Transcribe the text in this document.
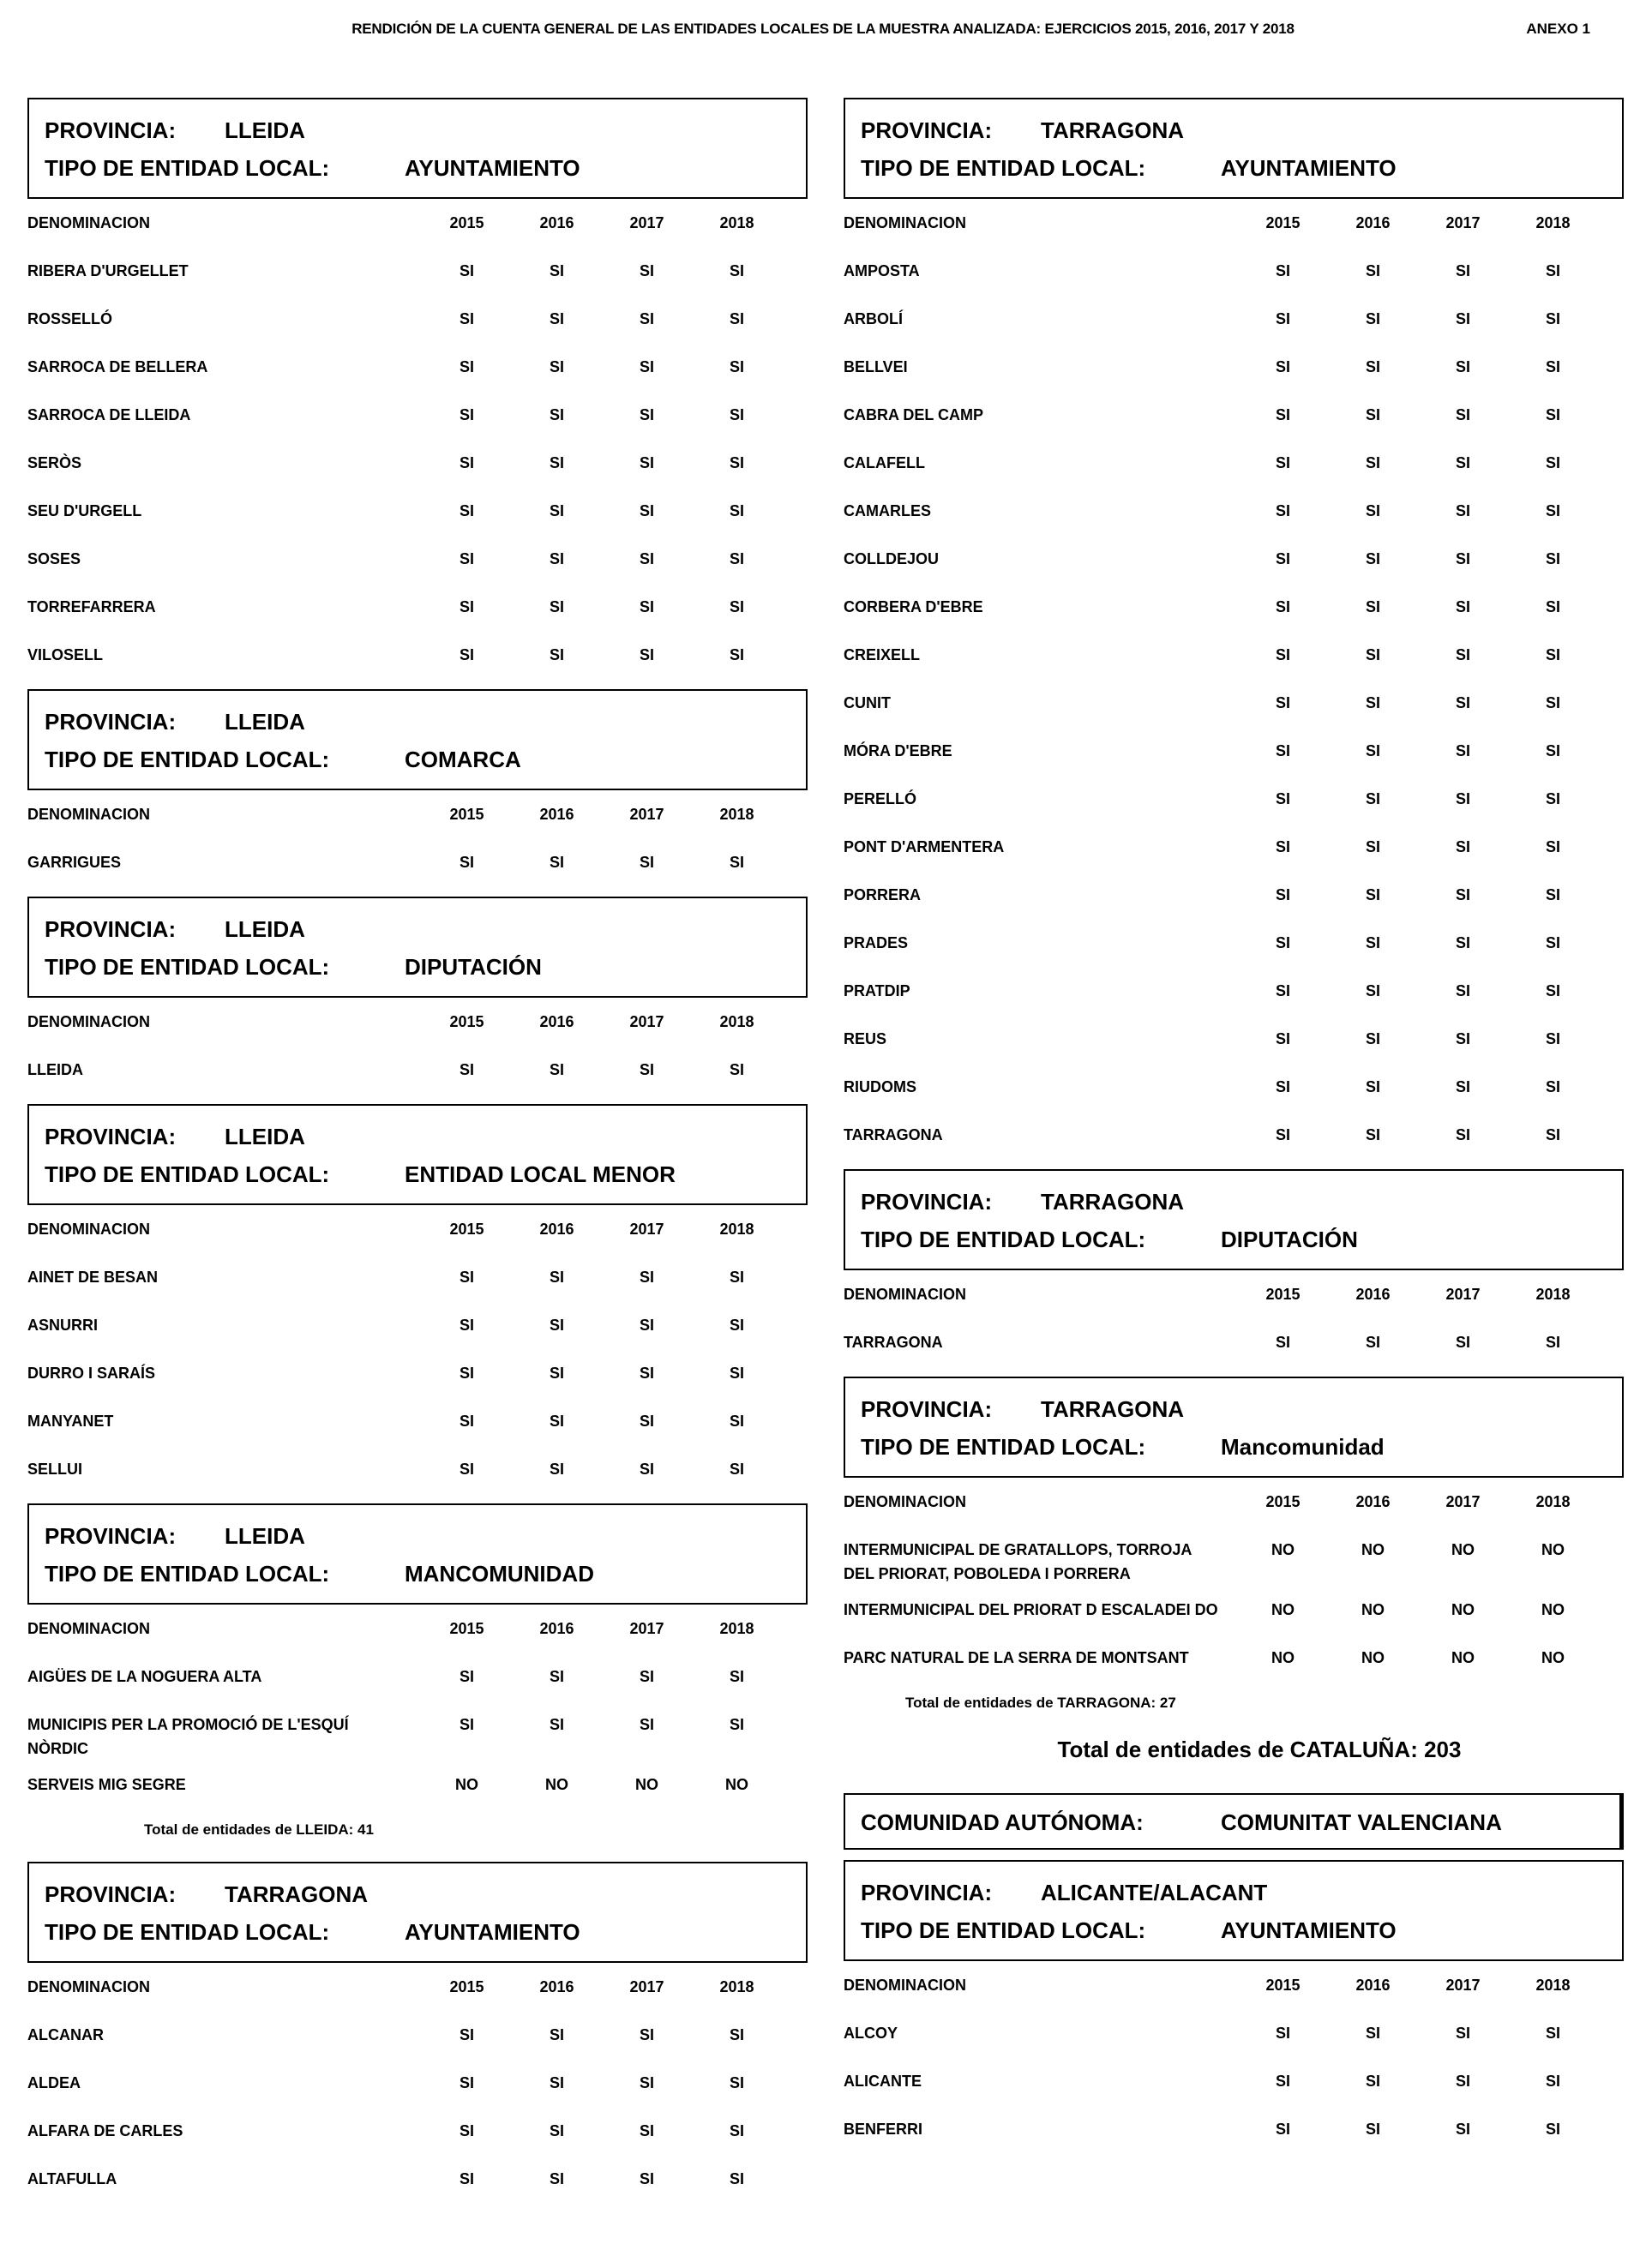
RENDICIÓN DE LA CUENTA GENERAL DE LAS ENTIDADES LOCALES DE LA MUESTRA ANALIZADA: EJERCICIOS 2015, 2016, 2017 Y 2018	ANEXO 1
PROVINCIA:	LLEIDA
TIPO DE ENTIDAD LOCAL:	AYUNTAMIENTO
DENOMINACION	2015	2016	2017	2018
RIBERA D'URGELLET	SI	SI	SI	SI
ROSSELLÓ	SI	SI	SI	SI
SARROCA DE BELLERA	SI	SI	SI	SI
SARROCA DE LLEIDA	SI	SI	SI	SI
SERÒS	SI	SI	SI	SI
SEU D'URGELL	SI	SI	SI	SI
SOSES	SI	SI	SI	SI
TORREFARRERA	SI	SI	SI	SI
VILOSELL	SI	SI	SI	SI
PROVINCIA:	LLEIDA
TIPO DE ENTIDAD LOCAL:	COMARCA
DENOMINACION	2015	2016	2017	2018
GARRIGUES	SI	SI	SI	SI
PROVINCIA:	LLEIDA
TIPO DE ENTIDAD LOCAL:	DIPUTACIÓN
DENOMINACION	2015	2016	2017	2018
LLEIDA	SI	SI	SI	SI
PROVINCIA:	LLEIDA
TIPO DE ENTIDAD LOCAL:	ENTIDAD LOCAL MENOR
DENOMINACION	2015	2016	2017	2018
AINET DE BESAN	SI	SI	SI	SI
ASNURRI	SI	SI	SI	SI
DURRO I SARAÍS	SI	SI	SI	SI
MANYANET	SI	SI	SI	SI
SELLUI	SI	SI	SI	SI
PROVINCIA:	LLEIDA
TIPO DE ENTIDAD LOCAL:	MANCOMUNIDAD
DENOMINACION	2015	2016	2017	2018
AIGÜES DE LA NOGUERA ALTA	SI	SI	SI	SI
MUNICIPIS PER LA PROMOCIÓ DE L'ESQUÍ NÒRDIC
SI	SI	SI	SI
SERVEIS MIG SEGRE	NO	NO	NO	NO
Total de entidades de LLEIDA: 41
PROVINCIA:	TARRAGONA
TIPO DE ENTIDAD LOCAL:	AYUNTAMIENTO
DENOMINACION	2015	2016	2017	2018
ALCANAR	SI	SI	SI	SI
ALDEA	SI	SI	SI	SI
ALFARA DE CARLES	SI	SI	SI	SI
ALTAFULLA	SI	SI	SI	SI
PROVINCIA:	TARRAGONA
TIPO DE ENTIDAD LOCAL:	AYUNTAMIENTO
DENOMINACION	2015	2016	2017	2018
AMPOSTA	SI	SI	SI	SI
ARBOLÍ	SI	SI	SI	SI
BELLVEI	SI	SI	SI	SI
CABRA DEL CAMP	SI	SI	SI	SI
CALAFELL	SI	SI	SI	SI
CAMARLES	SI	SI	SI	SI
COLLDEJOU	SI	SI	SI	SI
CORBERA D'EBRE	SI	SI	SI	SI
CREIXELL	SI	SI	SI	SI
CUNIT	SI	SI	SI	SI
MÓRA D'EBRE	SI	SI	SI	SI
PERELLÓ	SI	SI	SI	SI
PONT D'ARMENTERA	SI	SI	SI	SI
PORRERA	SI	SI	SI	SI
PRADES	SI	SI	SI	SI
PRATDIP	SI	SI	SI	SI
REUS	SI	SI	SI	SI
RIUDOMS	SI	SI	SI	SI
TARRAGONA	SI	SI	SI	SI
PROVINCIA:	TARRAGONA
TIPO DE ENTIDAD LOCAL:	DIPUTACIÓN
DENOMINACION	2015	2016	2017	2018
TARRAGONA	SI	SI	SI	SI
PROVINCIA:	TARRAGONA
TIPO DE ENTIDAD LOCAL:	Mancomunidad
DENOMINACION	2015	2016	2017	2018
INTERMUNICIPAL DE GRATALLOPS, TORROJA DEL PRIORAT, POBOLEDA I PORRERA
NO	NO	NO	NO
INTERMUNICIPAL DEL PRIORAT D ESCALADEI DO	NO	NO	NO	NO
PARC NATURAL DE LA SERRA DE MONTSANT	NO	NO	NO	NO
Total de entidades de TARRAGONA: 27
Total de entidades de CATALUÑA: 203
COMUNIDAD AUTÓNOMA:	COMUNITAT VALENCIANA
PROVINCIA:	ALICANTE/ALACANT
TIPO DE ENTIDAD LOCAL:	AYUNTAMIENTO
DENOMINACION	2015	2016	2017	2018
ALCOY	SI	SI	SI	SI
ALICANTE	SI	SI	SI	SI
BENFERRI	SI	SI	SI	SI
